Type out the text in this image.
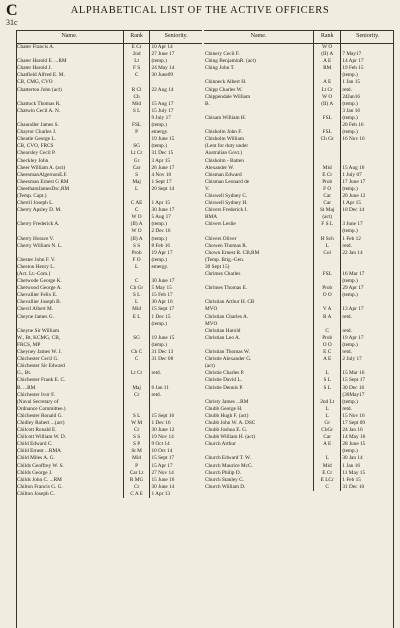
C
31c
ALPHABETICAL LIST OF THE ACTIVE OFFICERS
Name.	Rank	Seniority.
Chater Francis A.	E Cr	10 Apr 14
	2nd	27 June 17
Chater Harold E. ...RM	Lt	(temp.)
Chater Harold J.	F S	24 May 14
Chatfield Alfred E. M.	C	30 June09
CB, CMG, CVO		
Chatterton John (act)	R Cl	22 Aug 14
	Ch	
Chattock Thomas R.	Mid	15 Aug 17
Chatwin Cecil A. N.	S L	15 July 17
		9 July 17
Chaundler James S.	FSL	(temp.)
Chaytor Charles J.	P	emergy.
Cheatle George L.		19 June 15
CB, CVO, FRCS	SG	(temp.)
Chearsley Cecil P.	Lt Cr	31 Dec 15
Checkley John	Gr	3 Apr 15
Cheer William A. (act)	Car	26 June 17
CheesmanAlgernonE.F.	S	4 Nov 10
Cheesman Ernest G RM	Maj	1 Sept 17

CheethamJamesDsc,RM	L	20 Sept 14
(Temp. Capt.)		

Cherril Joseph L.	C AE	1 Apr 15
Cherry Apsley D. M.	C	30 June 17
	W O	5 Aug 17
Cherry Frederick A.	(II) A	(temp.)
	W O	2 Dec 16
Cherry Horace V.	(II) A	(temp.)
Cherry William N. L.	S S	8 Feb 16
	Prob	19 Apr 17
Chester John F. V.	F O	(temp.)
Cheston Henry L.	L	emergy.
(Act. Lt.-Com.)		

Chetwode George K.	C	30 June 17
Chetwood George A.	Ch Gr	5 May 15
Chevallier Felix E.	S L	15 Feb 17

Chevallier Joseph B.	L	30 Apr 16
Chevil Albert M.	Mid	15 Sept 17
Cheyne James G.	E L	1 Dec 15
		(temp.)
Cheyne Sir William		
W., Bt, KCMG, CB,	SG	19 June 15
FRCS, MP		(temp.)
Cheyney James W. J.	Ch C	31 Dec 13
Chichester Cecil G.	C	31 Dec 08
Chichester Sir Edward		
G., Bt.	Lt Cr	retd.
Chichester Frank E. C.		
B. ...RM	Maj	6 Jan 11
Chichester Ivor F.	Cr	retd.
(Naval Secretary of		
Ordnance Committee.)		
Chichester Ronald G.	S L	15 Sept 16
Chidley Robert ...(act)	W M	1 Dec 16
Chilcott Ronald E.	Cr	30 June 12
Chilcott William W. D.	S S	19 Nov 14
Child Edward C.	S P	9 Oct 14
Child Ernest ...RMA	St M	10 Oct 14
Child Miles A. G.	Mid	15 Sept 17
Childs Geoffrey W. S.	P	15 Apr 17
Childs George J.	Car Lt	27 Nov 14
Childs John C. ...RM	R MG	15 June 16
Chilton Francis G. G.	Cr	30 June 14
Chilton Joseph C.	C A E	1 Apr 13
Name.	Rank	Seniority.
	W O	
Chinery Cecil F.	(II) A	7 May17
Ching BenjaminR. (act)	A E	14 Apr 17
Ching John T.	RM	19 Feb 15
		(temp.)
Chinneck Albert H.	A E	1 Jan 15
Chipp Charles W.	Lt Cr	retd.
Chippendale William	W O	24Jan16
B.	(II) A	(temp.)
		3 Jan 16
Chisam William H.	FSL	(temp.)
		20 Feb 16
Chisholm John F.	FSL	(temp.)
Chisholm William	Ch Gr	16 Nov 16
(Lent for duty under		
Australian Govt.)		
Chisholm - Batten		
Alexander W.	Mid	15 Aug 16
Chisman Edward	E Cr	1 July 07

Chisman Leonard de	Prob	17 June 17
V.	F O	(temp.)

Chiswell Sydney C.	Car	20 June 12
Chiswell Sydney H.	Car	1 Apr 15
Chivers Frederick J.	St Maj	10 Dec 14
RMA	(act)	
Chivers Leslie	F S L	3 June 17
		(temp.)
Chivers Oliver	H Sch	1 Feb 12
Chowen Thomas R.	L	retd.
Chown Ernest R. CB,RM	Col	22 Jan 14
(Temp. Brig.-Gen.		
30 Sept 15)		

Chrimes Charles	FSL	16 Mar 17
		(temp.)
Chrimes Thomas E.	Prob	29 Apr 17
	O O	(temp.)
Christian Arthur H. CB		
MVO	V A	13 Apr 17
Christian Charles A.	R A	retd.
MVO		
Christian Harold	C	retd.
Christian Leo A.	Prob	19 Apr 17
	O O	(temp.)
Christian Thomas W.	E C	retd.
Christie Alexander G.	A E	2 July 17
(act)		
Christie Charles P.	L	15 Mar 16
Christie David L.	S L	15 Sept 17
Christie Dennis P.	S L	30 Dec 16
		(30May17
Christy James ...RM	2nd Lt	(temp.)
Chubb George H.	L	retd.
Chubb Hugh F. (act)	L	15 Nov 16
Chubb John W. A. DSC	Gr	17 Sept 09
Chubb Joshua E. G.	ChGr	24 Jan 16
Chubb William H. (act)	Car	14 May 16
Church Arthur	A E	28 June 15
		(temp.)
Church Edward T. W.	L	30 Jan 14
Church Maurice McC.	Mid	1 Jan 16
Church Philip D.	E Cr	11 May 15

Church Stanley C.	E LCr	1 Feb 15
Church William D.	C	31 Dec 10
